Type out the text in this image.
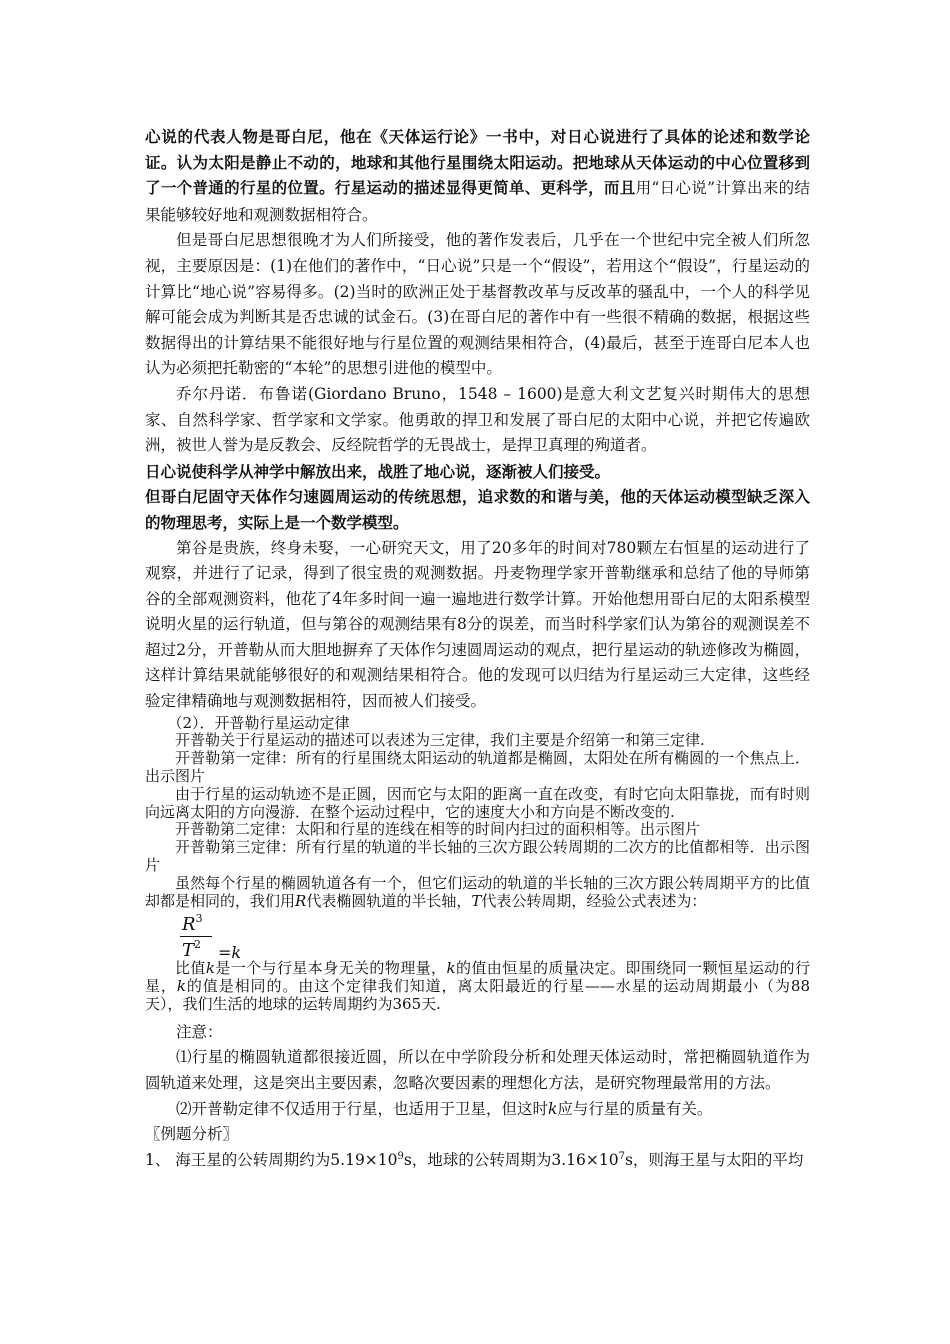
心说的代表人物是哥白尼，他在《天体运行论》一书中，对日心说进行了具体的论述和数学论证。认为太阳是静止不动的，地球和其他行星围绕太阳运动。把地球从天体运动的中心位置移到了一个普通的行星的位置。行星运动的描述显得更简单、更科学，而且用“日心说”计算出来的结果能够较好地和观测数据相符合。

但是哥白尼思想很晚才为人们所接受，他的著作发表后，几乎在一个世纪中完全被人们所忽视，主要原因是：(1)在他们的著作中，“日心说”只是一个“假设”，若用这个“假设”，行星运动的计算比“地心说”容易得多。(2)当时的欧洲正处于基督教改革与反改革的骚乱中，一个人的科学见解可能会成为判断其是否忠诚的试金石。(3)在哥白尼的著作中有一些很不精确的数据，根据这些数据得出的计算结果不能很好地与行星位置的观测结果相符合，(4)最后，甚至于连哥白尼本人也认为必须把托勒密的“本轮”的思想引进他的模型中。

乔尔丹诺．布鲁诺(Giordano Bruno，1548 – 1600)是意大利文艺复兴时期伟大的思想家、自然科学家、哲学家和文学家。他勇敢的捍卫和发展了哥白尼的太阳中心说，并把它传遍欧洲，被世人誉为是反教会、反经院哲学的无畏战士，是捍卫真理的殉道者。

日心说使科学从神学中解放出来，战胜了地心说，逐渐被人们接受。

但哥白尼固守天体作匀速圆周运动的传统思想，追求数的和谐与美，他的天体运动模型缺乏深入的物理思考，实际上是一个数学模型。

第谷是贵族，终身未娶，一心研究天文，用了20多年的时间对780颗左右恒星的运动进行了观察，并进行了记录，得到了很宝贵的观测数据。丹麦物理学家开普勒继承和总结了他的导师第谷的全部观测资料，他花了4年多时间一遍一遍地进行数学计算。开始他想用哥白尼的太阳系模型说明火星的运行轨道，但与第谷的观测结果有8分的误差，而当时科学家们认为第谷的观测误差不超过2分，开普勒从而大胆地摒弃了天体作匀速圆周运动的观点，把行星运动的轨迹修改为椭圆，这样计算结果就能够很好的和观测结果相符合。他的发现可以归结为行星运动三大定律，这些经验定律精确地与观测数据相符，因而被人们接受。

（2）．开普勒行星运动定律

开普勒关于行星运动的描述可以表述为三定律，我们主要是介绍第一和第三定律.

开普勒第一定律：所有的行星围绕太阳运动的轨道都是椭圆，太阳处在所有椭圆的一个焦点上．出示图片

由于行星的运动轨迹不是正圆，因而它与太阳的距离一直在改变，有时它向太阳靠拢，而有时则向远离太阳的方向漫游．在整个运动过程中，它的速度大小和方向是不断改变的.

开普勒第二定律：太阳和行星的连线在相等的时间内扫过的面积相等。出示图片

开普勒第三定律：所有行星的轨道的半长轴的三次方跟公转周期的二次方的比值都相等．出示图片

虽然每个行星的椭圆轨道各有一个，但它们运动的轨道的半长轴的三次方跟公转周期平方的比值却都是相同的，我们用R代表椭圆轨道的半长轴，T代表公转周期，经验公式表述为：

$R^3$
$T^2 =k$

比值k是一个与行星本身无关的物理量，k的值由恒星的质量决定。即围绕同一颗恒星运动的行星，k的值是相同的。由这个定律我们知道，离太阳最近的行星——水星的运动周期最小（为88天），我们生活的地球的运转周期约为365天.

注意：

⑴行星的椭圆轨道都很接近圆，所以在中学阶段分析和处理天体运动时，常把椭圆轨道作为圆轨道来处理，这是突出主要因素，忽略次要因素的理想化方法，是研究物理最常用的方法。

⑵开普勒定律不仅适用于行星，也适用于卫星，但这时k应与行星的质量有关。

〖例题分析〗

1、 海王星的公转周期约为$5.19\times 10^9s$，地球的公转周期为$3.16\times 10^7s$，则海王星与太阳的平均
